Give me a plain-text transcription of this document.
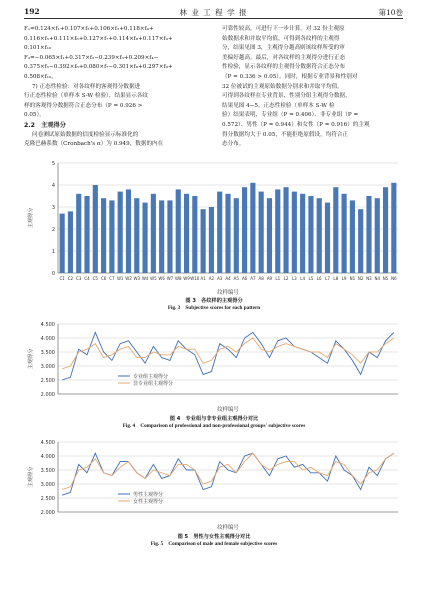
192	林 业 工 程 学 报	第10卷

F₁=0.124×f₁+0.107×f₂+0.106×f₃+0.118×f₄+

0.116×f₅+0.111×f₆+0.127×f₇+0.114×f₈+0.117×f₉+

0.101×f₁₀

F₂=−0.065×f₁+0.317×f₂−0.239×f₃+0.209×f₄−

0.375×f₅−0.392×f₆+0.080×f₇−0.301×f₈+0.297×f₉+

0.508×f₁₀。

7) 正态性检验：对各纹样的客观得分数据进

行正态性检验（单样本 S-W 检验），结果显示各纹

样的客观得分数据符合正态分布（P = 0.926 >

0.05）。

2.2　主观得分

问卷测试原始数据的信度检验显示标准化的

克隆巴赫系数（Cronbach's α）为 0.949，数据的内在

可靠性较高，可进行下一步计算。对 32 份主观原

始数据求和并取平均值，可得到各纹样的主观得

分，结果见图 3，主观得分越高则该纹样所受的审

美偏好越高。最后，对各纹样的主观得分进行正态

性检验，显示各纹样的主观得分数据符合正态分布

（P = 0.336 > 0.05）。同时，根据专业背景和性别对

32 位被试的主观原始数据分别求和并取平均值，

可得到各纹样在专业背景、性别分组主观得分数据，

结果见图 4−5。正态性检验（单样本 S-W 检

验）结果表明，专业组（P = 0.406）、非专业组（P =

0.572）、男性（P = 0.944）和女性（P = 0.916）的主观

得分数据均大于 0.05，不能拒绝原假设，均符合正

态分布。

0
1
2
3
4
5
主观得分
C1 C2 C3 C4 C5 C6 C7 W1 W2 W3 W4 W5 W6 W7 W8 W9 W10 A1 A2 A3 A4 A5 A6 A7 A8 A9 L1 L2 L3 L4 L5 L6 L7 L8 L9 N1 N2 N3 N4 N5 N6
纹样编号
图 3　各纹样的主观得分
Fig. 3　Subjective scores for each pattern
2.000
2.500
3.000
3.500
4.000
4.500
主观得分
纹样编号
专业组主观得分
非专业组主观得分
图 4　专业组与非专业组主观得分对比
Fig. 4　Comparison of professional and non-professional groups' subjective scores
2.000
2.500
3.000
3.500
4.000
4.500
主观得分
纹样编号
男性主观得分
女性主观得分
图 5　男性与女性主观得分对比
Fig. 5　Comparison of male and female subjective scores
